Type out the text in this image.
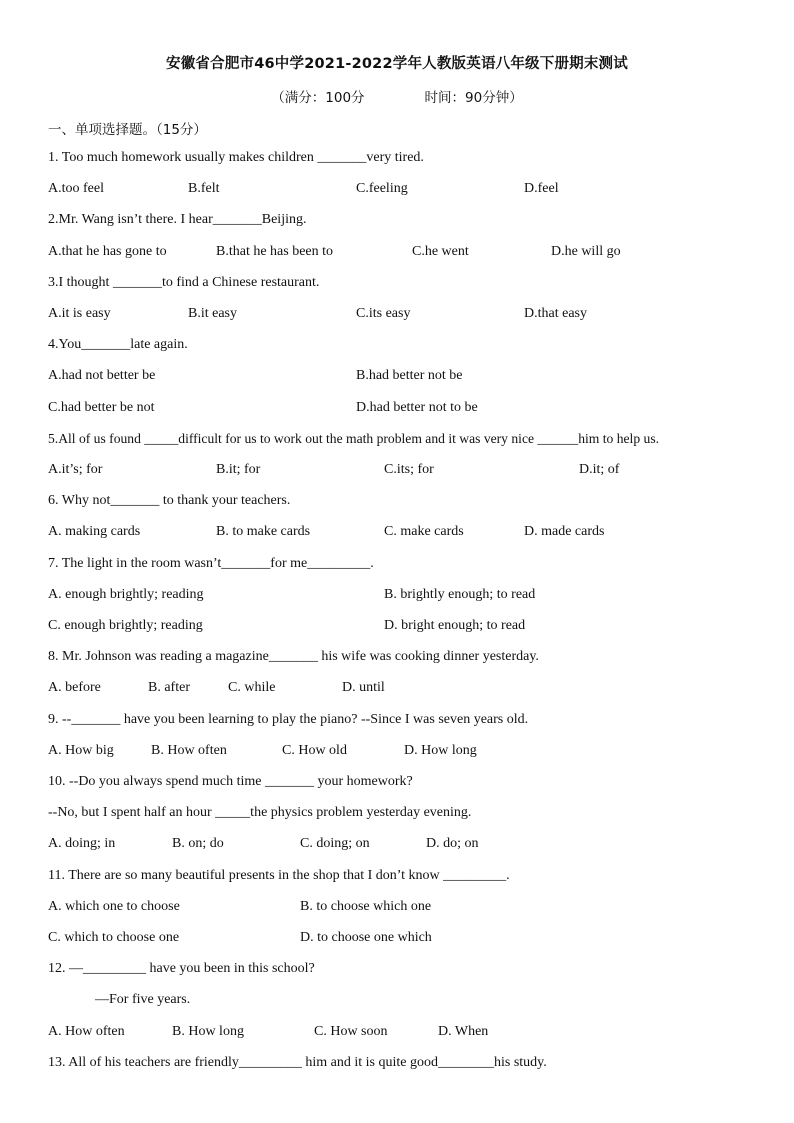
安徽省合肥市46中学2021-2022学年人教版英语八年级下册期末测试
（满分：100分	时间：90分钟）
一、单项选择题。（15分）
1. Too much homework usually makes children _______very tired.
A.too feel	B.felt	C.feeling	D.feel
2.Mr. Wang isn’t there. I hear_______Beijing.
A.that he has gone to	B.that he has been to	C.he went	D.he will go
3.I thought _______to find a Chinese restaurant.
A.it is easy	B.it easy	C.its easy	D.that easy
4.You_______late again.
A.had not better be	B.had better not be
C.had better be not	D.had better not to be
5.All of us found _____difficult for us to work out the math problem and it was very nice ______him to help us.
A.it’s; for	B.it; for	C.its; for	D.it; of
6. Why not_______ to thank your teachers.
A. making cards	B. to make cards	C. make cards	D. made cards
7. The light in the room wasn’t_______for me_________.
A. enough brightly; reading	B. brightly enough; to read
C. enough brightly; reading	D. bright enough; to read
8. Mr. Johnson was reading a magazine_______ his wife was cooking dinner yesterday.
A. before	B. after	C. while	D. until
9. --_______ have you been learning to play the piano? --Since I was seven years old.
A. How big	B. How often	C. How old	D. How long
10. --Do you always spend much time _______ your homework?
--No, but I spent half an hour _____the physics problem yesterday evening.
A. doing; in	B. on; do	C. doing; on	D. do; on
11. There are so many beautiful presents in the shop that I don’t know _________.
A. which one to choose	B. to choose which one
C. which to choose one	D. to choose one which
12. —_________ have you been in this school?
—For five years.
A. How often	B. How long	C. How soon	D. When
13. All of his teachers are friendly_________ him and it is quite good________his study.
